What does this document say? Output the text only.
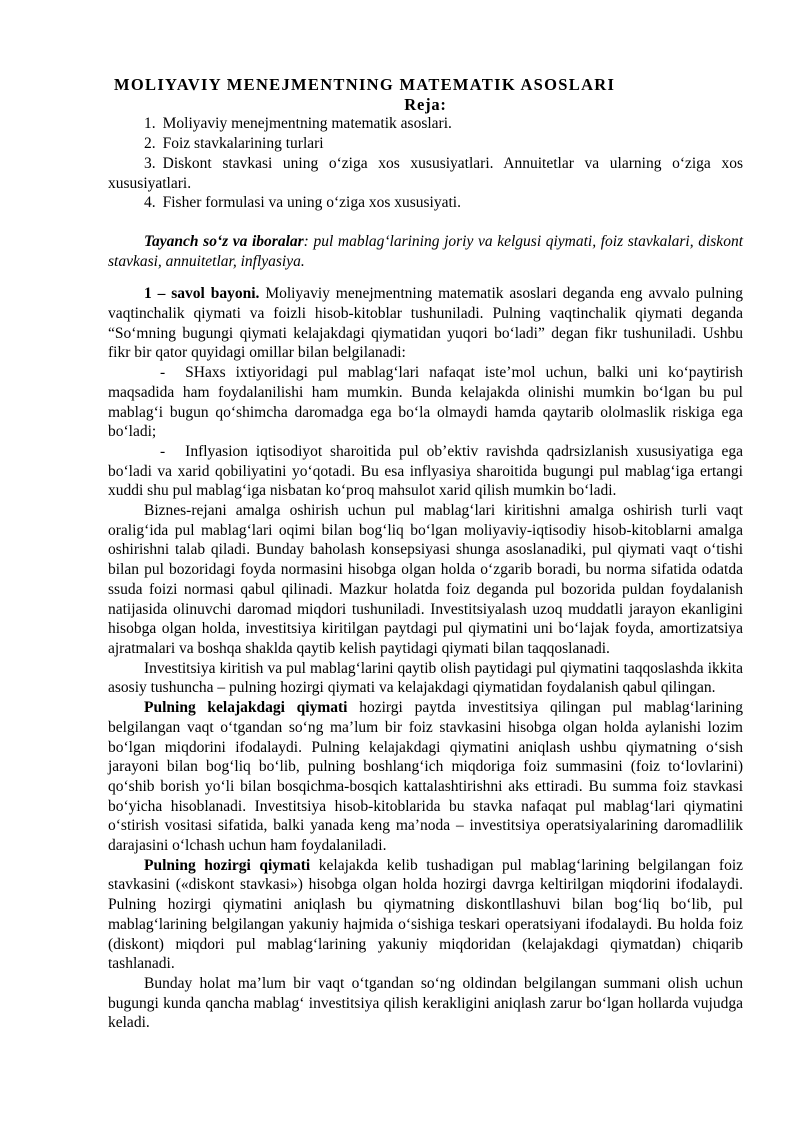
MOLIYAVIY MENEJMENTNING MATEMATIK ASOSLARI
Reja:

1. Moliyaviy menejmentning matematik asoslari.

2. Foiz stavkalarining turlari

3. Diskont stavkasi uning oʻziga xos xususiyatlari. Annuitetlar va ularning oʻziga xos xususiyatlari.

4. Fisher formulasi va uning oʻziga xos xususiyati.

Tayanch soʻz va iboralar: pul mablagʻlarining joriy va kelgusi qiymati, foiz stavkalari, diskont stavkasi, annuitetlar, inflyasiya.

1 – savol bayoni. Moliyaviy menejmentning matematik asoslari deganda eng avvalo pulning vaqtinchalik qiymati va foizli hisob-kitoblar tushuniladi. Pulning vaqtinchalik qiymati deganda “Soʻmning bugungi qiymati kelajakdagi qiymatidan yuqori boʻladi” degan fikr tushuniladi. Ushbu fikr bir qator quyidagi omillar bilan belgilanadi:

- SHaxs ixtiyoridagi pul mablagʻlari nafaqat iste’mol uchun, balki uni koʻpaytirish maqsadida ham foydalanilishi ham mumkin. Bunda kelajakda olinishi mumkin boʻlgan bu pul mablagʻi bugun qoʻshimcha daromadga ega boʻla olmaydi hamda qaytarib ololmaslik riskiga ega boʻladi;

- Inflyasion iqtisodiyot sharoitida pul ob’ektiv ravishda qadrsizlanish xususiyatiga ega boʻladi va xarid qobiliyatini yoʻqotadi. Bu esa inflyasiya sharoitida bugungi pul mablagʻiga ertangi xuddi shu pul mablagʻiga nisbatan koʻproq mahsulot xarid qilish mumkin boʻladi.

Biznes-rejani amalga oshirish uchun pul mablagʻlari kiritishni amalga oshirish turli vaqt oraligʻida pul mablagʻlari oqimi bilan bogʻliq boʻlgan moliyaviy-iqtisodiy hisob-kitoblarni amalga oshirishni talab qiladi. Bunday baholash konsepsiyasi shunga asoslanadiki, pul qiymati vaqt oʻtishi bilan pul bozoridagi foyda normasini hisobga olgan holda oʻzgarib boradi, bu norma sifatida odatda ssuda foizi normasi qabul qilinadi. Mazkur holatda foiz deganda pul bozorida puldan foydalanish natijasida olinuvchi daromad miqdori tushuniladi. Investitsiyalash uzoq muddatli jarayon ekanligini hisobga olgan holda, investitsiya kiritilgan paytdagi pul qiymatini uni boʻlajak foyda, amortizatsiya ajratmalari va boshqa shaklda qaytib kelish paytidagi qiymati bilan taqqoslanadi.

Investitsiya kiritish va pul mablagʻlarini qaytib olish paytidagi pul qiymatini taqqoslashda ikkita asosiy tushuncha – pulning hozirgi qiymati va kelajakdagi qiymatidan foydalanish qabul qilingan.

Pulning kelajakdagi qiymati hozirgi paytda investitsiya qilingan pul mablagʻlarining belgilangan vaqt oʻtgandan soʻng ma’lum bir foiz stavkasini hisobga olgan holda aylanishi lozim boʻlgan miqdorini ifodalaydi. Pulning kelajakdagi qiymatini aniqlash ushbu qiymatning oʻsish jarayoni bilan bogʻliq boʻlib, pulning boshlangʻich miqdoriga foiz summasini (foiz toʻlovlarini) qoʻshib borish yoʻli bilan bosqichma-bosqich kattalashtirishni aks ettiradi. Bu summa foiz stavkasi boʻyicha hisoblanadi. Investitsiya hisob-kitoblarida bu stavka nafaqat pul mablagʻlari qiymatini oʻstirish vositasi sifatida, balki yanada keng ma’noda – investitsiya operatsiyalarining daromadlilik darajasini oʻlchash uchun ham foydalaniladi.

Pulning hozirgi qiymati kelajakda kelib tushadigan pul mablagʻlarining belgilangan foiz stavkasini («diskont stavkasi») hisobga olgan holda hozirgi davrga keltirilgan miqdorini ifodalaydi. Pulning hozirgi qiymatini aniqlash bu qiymatning diskontllashuvi bilan bogʻliq boʻlib, pul mablagʻlarining belgilangan yakuniy hajmida oʻsishiga teskari operatsiyani ifodalaydi. Bu holda foiz (diskont) miqdori pul mablagʻlarining yakuniy miqdoridan (kelajakdagi qiymatdan) chiqarib tashlanadi.

Bunday holat ma’lum bir vaqt oʻtgandan soʻng oldindan belgilangan summani olish uchun bugungi kunda qancha mablagʻ investitsiya qilish kerakligini aniqlash zarur boʻlgan hollarda vujudga keladi.
